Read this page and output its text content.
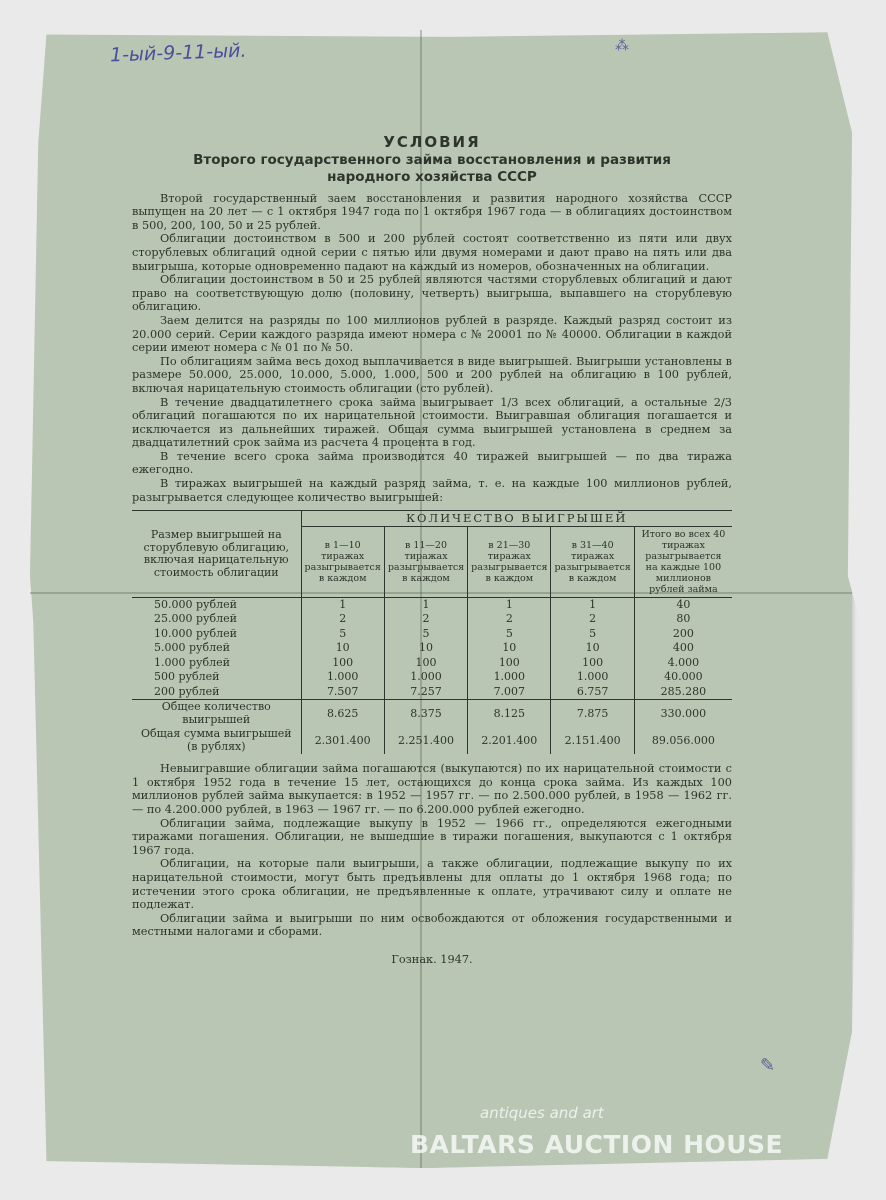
1-ый-9-11-ый.	⁂
✎
УСЛОВИЯ
Второго государственного займа восстановления и развития
народного хозяйства СССР

Второй государственный заем восстановления и развития народного хозяйства СССР выпущен на 20 лет — с 1 октября 1947 года по 1 октября 1967 года — в облигациях достоинством в 500, 200, 100, 50 и 25 рублей.

Облигации достоинством в 500 и 200 рублей состоят соответственно из пяти или двух сторублевых облигаций одной серии с пятью или двумя номерами и дают право на пять или два выигрыша, которые одновременно падают на каждый из номеров, обозначенных на облигации.

Облигации достоинством в 50 и 25 рублей являются частями сторублевых облигаций и дают право на соответствующую долю (половину, четверть) выигрыша, выпавшего на сторублевую облигацию.

Заем делится на разряды по 100 миллионов рублей в разряде. Каждый разряд состоит из 20.000 серий. Серии каждого разряда имеют номера с № 20001 по № 40000. Облигации в каждой серии имеют номера с № 01 по № 50.

По облигациям займа весь доход выплачивается в виде выигрышей. Выигрыши установлены в размере 50.000, 25.000, 10.000, 5.000, 1.000, 500 и 200 рублей на облигацию в 100 рублей, включая нарицательную стоимость облигации (сто рублей).

В течение двадцатилетнего срока займа выигрывает 1/3 всех облигаций, а остальные 2/3 облигаций погашаются по их нарицательной стоимости. Выигравшая облигация погашается и исключается из дальнейших тиражей. Общая сумма выигрышей установлена в среднем за двадцатилетний срок займа из расчета 4 процента в год.

В течение всего срока займа производится 40 тиражей выигрышей — по два тиража ежегодно.

В тиражах выигрышей на каждый разряд займа, т. е. на каждые 100 миллионов рублей, разыгрывается следующее количество выигрышей:

Размер выигрышей на сторублевую облигацию, включая нарицательную стоимость облигации	КОЛИЧЕСТВО ВЫИГРЫШЕЙ				
	в 1—10 тиражах разыгрывается в каждом	в 11—20 тиражах разыгрывается в каждом	в 21—30 тиражах разыгрывается в каждом	в 31—40 тиражах разыгрывается в каждом	Итого во всех 40 тиражах разыгрывается на каждые 100 миллионов рублей займа
50.000 рублей	1	1	1	1	40
25.000 рублей	2	2	2	2	80
10.000 рублей	5	5	5	5	200
5.000 рублей	10	10	10	10	400
1.000 рублей	100	100	100	100	4.000
500 рублей	1.000	1.000	1.000	1.000	40.000
200 рублей	7.507	7.257	7.007	6.757	285.280
Общее количество выигрышей	8.625	8.375	8.125	7.875	330.000
Общая сумма выигрышей (в рублях)	2.301.400	2.251.400	2.201.400	2.151.400	89.056.000

Невыигравшие облигации займа погашаются (выкупаются) по их нарицательной стоимости с 1 октября 1952 года в течение 15 лет, остающихся до конца срока займа. Из каждых 100 миллионов рублей займа выкупается: в 1952 — 1957 гг. — по 2.500.000 рублей, в 1958 — 1962 гг. — по 4.200.000 рублей, в 1963 — 1967 гг. — по 6.200.000 рублей ежегодно.

Облигации займа, подлежащие выкупу в 1952 — 1966 гг., определяются ежегодными тиражами погашения. Облигации, не вышедшие в тиражи погашения, выкупаются с 1 октября 1967 года.

Облигации, на которые пали выигрыши, а также облигации, подлежащие выкупу по их нарицательной стоимости, могут быть предъявлены для оплаты до 1 октября 1968 года; по истечении этого срока облигации, не предъявленные к оплате, утрачивают силу и оплате не подлежат.

Облигации займа и выигрыши по ним освобождаются от обложения государственными и местными налогами и сборами.

Гознак. 1947.
antiques and art
BALTARS AUCTION HOUSE
